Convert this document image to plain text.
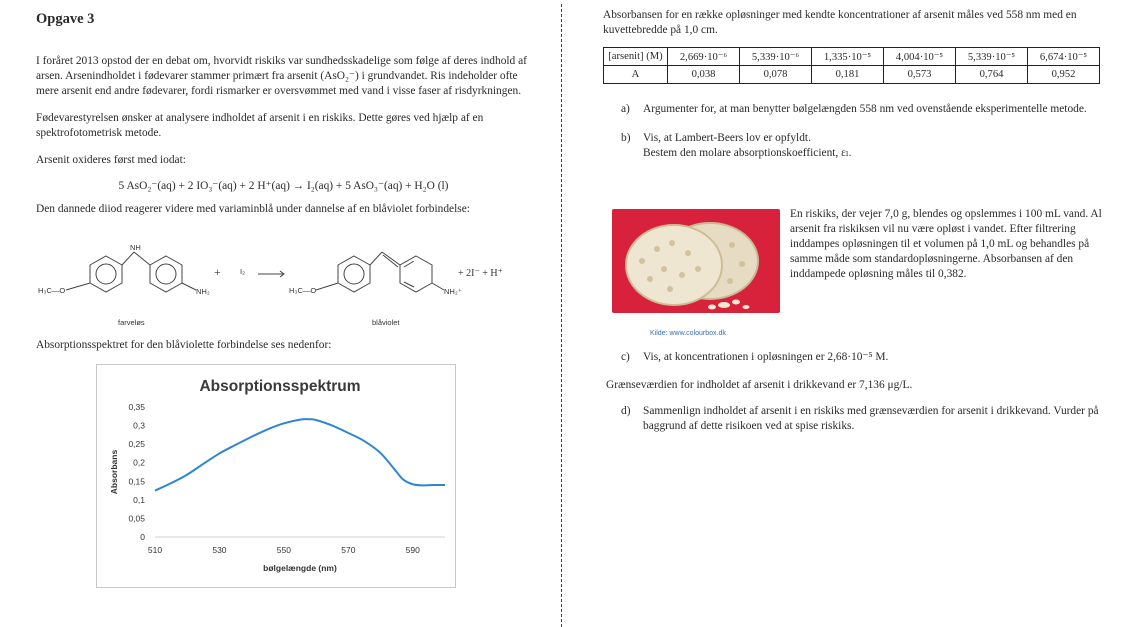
Opgave 3

I foråret 2013 opstod der en debat om, hvorvidt riskiks var sundhedsskadelige som følge af deres indhold af arsen. Arsenindholdet i fødevarer stammer primært fra arsenit (AsO₂⁻) i grundvandet. Ris indeholder ofte mere arsenit end andre fødevarer, fordi rismarker er oversvømmet med vand i visse faser af risdyrkningen.

Fødevarestyrelsen ønsker at analysere indholdet af arsenit i en riskiks. Dette gøres ved hjælp af en spektrofotometrisk metode.

Arsenit oxideres først med iodat:

5 AsO₂⁻(aq) + 2 IO₃⁻(aq) + 2 H⁺(aq) → I₂(aq) + 5 AsO₃⁻(aq) + H₂O (l)

Den dannede diiod reagerer videre med variaminblå under dannelse af en blåviolet forbindelse:

NH
H₃C—O	NH₂
+	I₂
H₃C—O	NH₂⁺
+ 2I⁻ + H⁺
farveløs	blåviolet

Absorptionsspektret for den blåviolette forbindelse ses nedenfor:

Absorptionsspektrum
0
0,05
0,1
0,15
0,2
0,25
0,3
0,35
510	530	550	570	590
bølgelængde (nm)
Absorbans

Absorbansen for en række opløsninger med kendte koncentrationer af arsenit måles ved 558 nm med en kuvettebredde på 1,0 cm.

[arsenit] (M)	2,669·10⁻⁶	5,339·10⁻⁶	1,335·10⁻⁵	4,004·10⁻⁵	5,339·10⁻⁵	6,674·10⁻⁵
A	0,038	0,078	0,181	0,573	0,764	0,952
a)	Argumenter for, at man benytter bølgelængden 558 nm ved ovenstående eksperimentelle metode.
b)	Vis, at Lambert-Beers lov er opfyldt.
Bestem den molare absorptionskoefficient, εₗ.
Kilde: www.colourbox.dk

En riskiks, der vejer 7,0 g, blendes og opslemmes i 100 mL vand. Al arsenit fra riskiksen vil nu være opløst i vandet. Efter filtrering inddampes opløsningen til et volumen på 1,0 mL og behandles på samme måde som standardopløsningerne. Absorbansen af den inddampede opløsning måles til 0,382.

c)	Vis, at koncentrationen i opløsningen er 2,68·10⁻⁵ M.

Grænseværdien for indholdet af arsenit i drikkevand er 7,136 μg/L.

d)	Sammenlign indholdet af arsenit i en riskiks med grænseværdien for arsenit i drikkevand. Vurder på baggrund af dette risikoen ved at spise riskiks.
